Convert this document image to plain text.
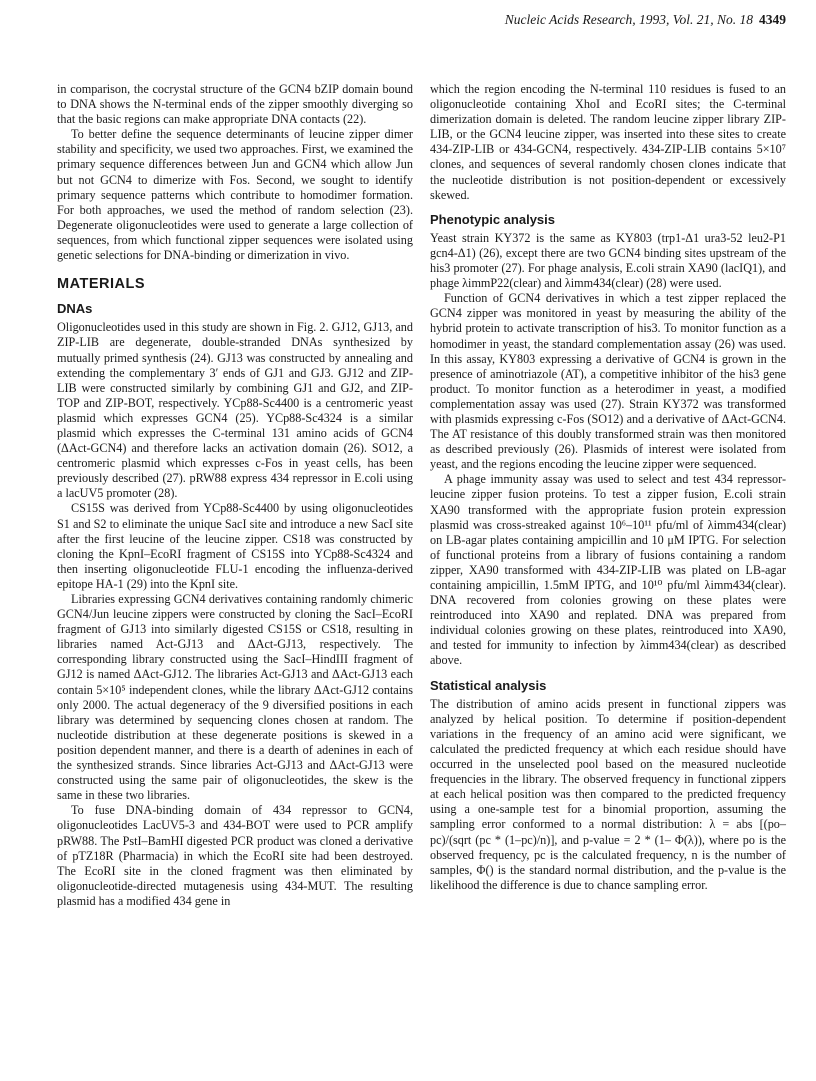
Nucleic Acids Research, 1993, Vol. 21, No. 18 4349

in comparison, the cocrystal structure of the GCN4 bZIP domain bound to DNA shows the N-terminal ends of the zipper smoothly diverging so that the basic regions can make appropriate DNA contacts (22).

To better define the sequence determinants of leucine zipper dimer stability and specificity, we used two approaches. First, we examined the primary sequence differences between Jun and GCN4 which allow Jun but not GCN4 to dimerize with Fos. Second, we sought to identify primary sequence patterns which contribute to homodimer formation. For both approaches, we used the method of random selection (23). Degenerate oligonucleotides were used to generate a large collection of sequences, from which functional zipper sequences were isolated using genetic selections for DNA-binding or dimerization in vivo.

MATERIALS
DNAs

Oligonucleotides used in this study are shown in Fig. 2. GJ12, GJ13, and ZIP-LIB are degenerate, double-stranded DNAs synthesized by mutually primed synthesis (24). GJ13 was constructed by annealing and extending the complementary 3′ ends of GJ1 and GJ3. GJ12 and ZIP-LIB were constructed similarly by combining GJ1 and GJ2, and ZIP-TOP and ZIP-BOT, respectively. YCp88-Sc4400 is a centromeric yeast plasmid which expresses GCN4 (25). YCp88-Sc4324 is a similar plasmid which expresses the C-terminal 131 amino acids of GCN4 (ΔAct-GCN4) and therefore lacks an activation domain (26). SO12, a centromeric plasmid which expresses c-Fos in yeast cells, has been previously described (27). pRW88 express 434 repressor in E.coli using a lacUV5 promoter (28).

CS15S was derived from YCp88-Sc4400 by using oligonucleotides S1 and S2 to eliminate the unique SacI site and introduce a new SacI site after the first leucine of the leucine zipper. CS18 was constructed by cloning the KpnI–EcoRI fragment of CS15S into YCp88-Sc4324 and then inserting oligonucleotide FLU-1 encoding the influenza-derived epitope HA-1 (29) into the KpnI site.

Libraries expressing GCN4 derivatives containing randomly chimeric GCN4/Jun leucine zippers were constructed by cloning the SacI–EcoRI fragment of GJ13 into similarly digested CS15S or CS18, resulting in libraries named Act-GJ13 and ΔAct-GJ13, respectively. The corresponding library constructed using the SacI–HindIII fragment of GJ12 is named ΔAct-GJ12. The libraries Act-GJ13 and ΔAct-GJ13 each contain 5×10⁵ independent clones, while the library ΔAct-GJ12 contains only 2000. The actual degeneracy of the 9 diversified positions in each library was determined by sequencing clones chosen at random. The nucleotide distribution at these degenerate positions is skewed in a position dependent manner, and there is a dearth of adenines in each of the synthesized strands. Since libraries Act-GJ13 and ΔAct-GJ13 were constructed using the same pair of oligonucleotides, the skew is the same in these two libraries.

To fuse DNA-binding domain of 434 repressor to GCN4, oligonucleotides LacUV5-3 and 434-BOT were used to PCR amplify pRW88. The PstI–BamHI digested PCR product was cloned a derivative of pTZ18R (Pharmacia) in which the EcoRI site had been destroyed. The EcoRI site in the cloned fragment was then eliminated by oligonucleotide-directed mutagenesis using 434-MUT. The resulting plasmid has a modified 434 gene in

which the region encoding the N-terminal 110 residues is fused to an oligonucleotide containing XhoI and EcoRI sites; the C-terminal dimerization domain is deleted. The random leucine zipper library ZIP-LIB, or the GCN4 leucine zipper, was inserted into these sites to create 434-ZIP-LIB or 434-GCN4, respectively. 434-ZIP-LIB contains 5×10⁷ clones, and sequences of several randomly chosen clones indicate that the nucleotide distribution is not position-dependent or excessively skewed.

Phenotypic analysis

Yeast strain KY372 is the same as KY803 (trp1-Δ1 ura3-52 leu2-P1 gcn4-Δ1) (26), except there are two GCN4 binding sites upstream of the his3 promoter (27). For phage analysis, E.coli strain XA90 (lacIQ1), and phage λimmP22(clear) and λimm434(clear) (28) were used.

Function of GCN4 derivatives in which a test zipper replaced the GCN4 zipper was monitored in yeast by measuring the ability of the hybrid protein to activate transcription of his3. To monitor function as a homodimer in yeast, the standard complementation assay (26) was used. In this assay, KY803 expressing a derivative of GCN4 is grown in the presence of aminotriazole (AT), a competitive inhibitor of the his3 gene product. To monitor function as a heterodimer in yeast, a modified complementation assay was used (27). Strain KY372 was transformed with plasmids expressing c-Fos (SO12) and a derivative of ΔAct-GCN4. The AT resistance of this doubly transformed strain was then monitored as described previously (26). Plasmids of interest were isolated from yeast, and the regions encoding the leucine zipper were sequenced.

A phage immunity assay was used to select and test 434 repressor-leucine zipper fusion proteins. To test a zipper fusion, E.coli strain XA90 transformed with the appropriate fusion protein expression plasmid was cross-streaked against 10⁶–10¹¹ pfu/ml of λimm434(clear) on LB-agar plates containing ampicillin and 10 μM IPTG. For selection of functional proteins from a library of fusions containing a random zipper, XA90 transformed with 434-ZIP-LIB was plated on LB-agar containing ampicillin, 1.5mM IPTG, and 10¹⁰ pfu/ml λimm434(clear). DNA recovered from colonies growing on these plates were reintroduced into XA90 and replated. DNA was prepared from individual colonies growing on these plates, reintroduced into XA90, and tested for immunity to infection by λimm434(clear) as described above.

Statistical analysis

The distribution of amino acids present in functional zippers was analyzed by helical position. To determine if position-dependent variations in the frequency of an amino acid were significant, we calculated the predicted frequency at which each residue should have occurred in the unselected pool based on the measured nucleotide frequencies in the library. The observed frequency in functional zippers at each helical position was then compared to the predicted frequency using a one-sample test for a binomial proportion, assuming the sampling error conformed to a normal distribution: λ = abs [(po–pc)/(sqrt (pc * (1–pc)/n)], and p-value = 2 * (1– Φ(λ)), where po is the observed frequency, pc is the calculated frequency, n is the number of samples, Φ() is the standard normal distribution, and the p-value is the likelihood the difference is due to chance sampling error.
